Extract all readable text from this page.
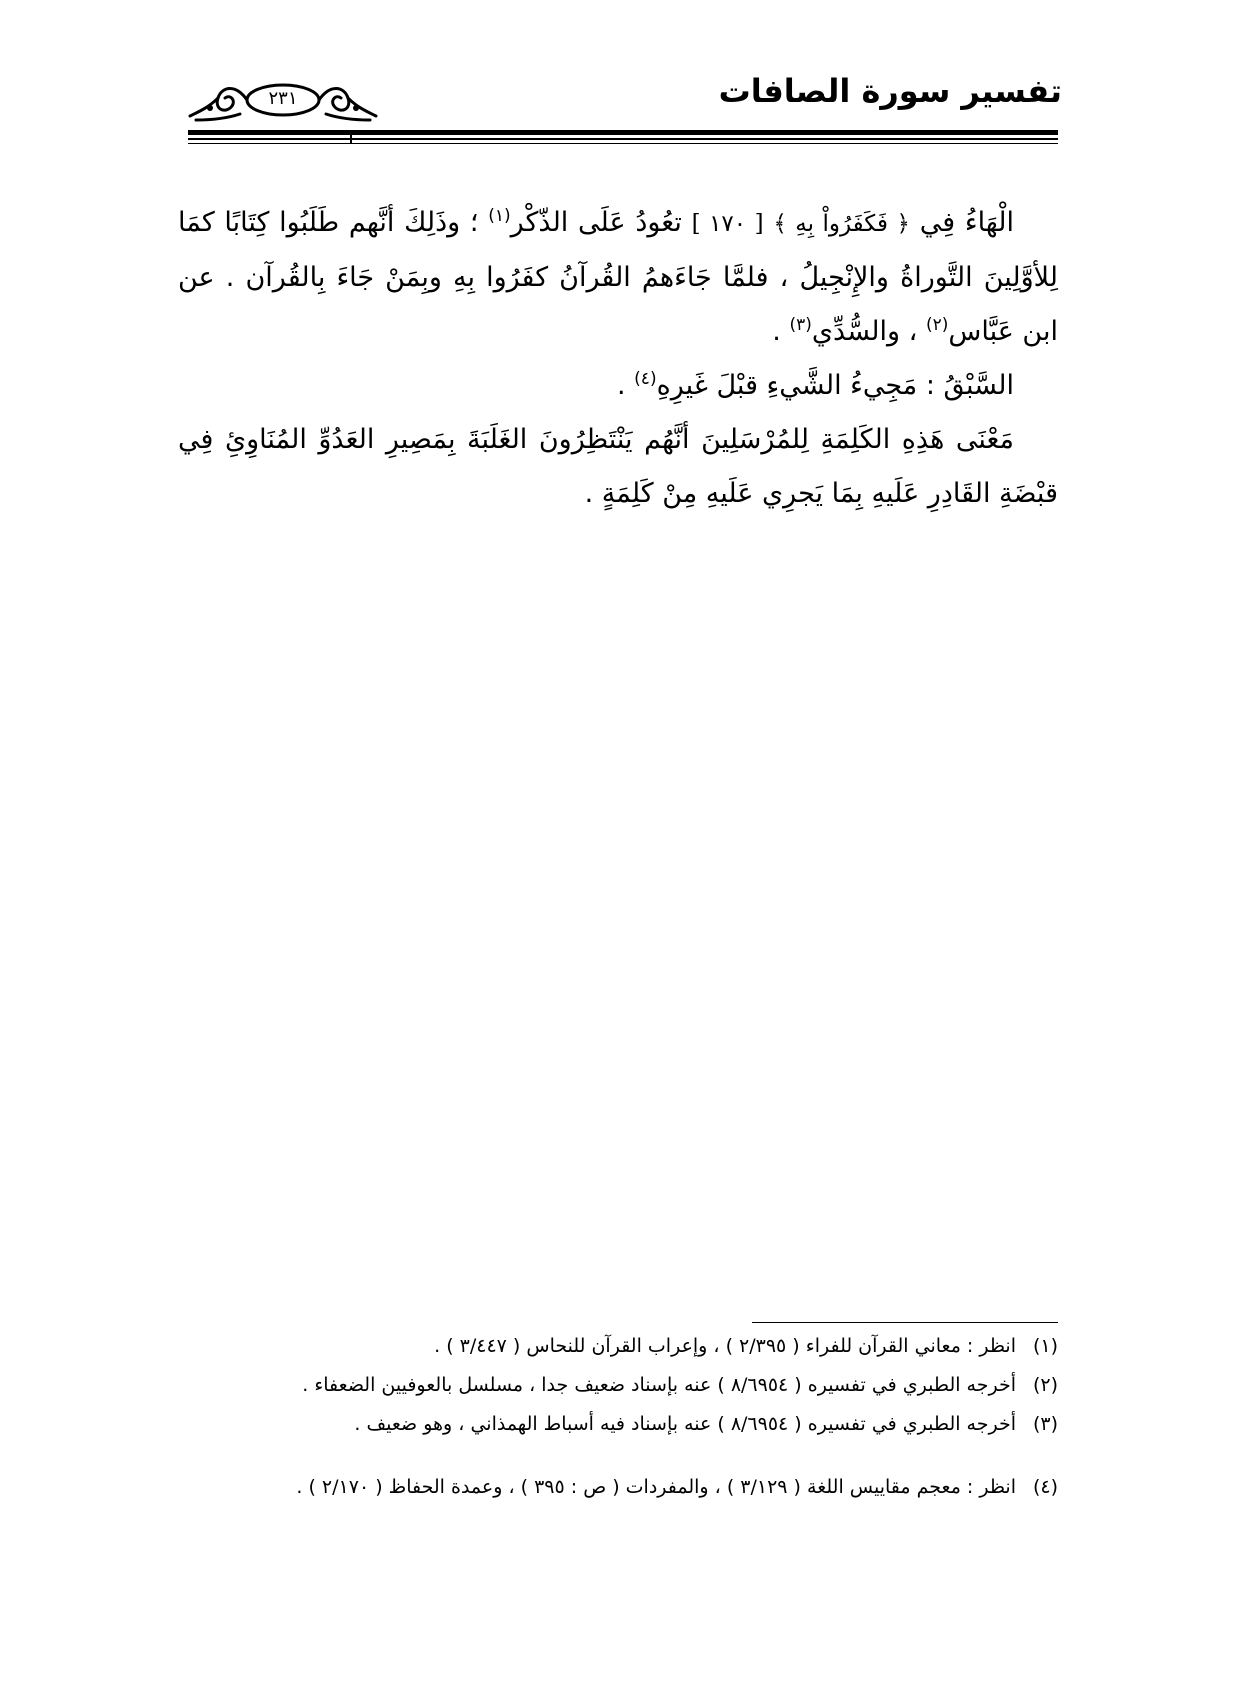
تفسير سورة الصافات
٢٣١

الْهَاءُ فِي ﴿ فَكَفَرُواْ بِهِ ﴾ [ ١٧٠ ] تعُودُ عَلَى الذّكْر$^{(١)}$ ؛ وذَلِكَ أنَّهم طَلَبُوا كِتَابًا كمَا لِلأوَّلِينَ التَّوراةُ والإِنْجِيلُ ، فلمَّا جَاءَهمُ القُرآنُ كفَرُوا بِهِ وبِمَنْ جَاءَ بِالقُرآن . عن ابن عَبَّاس$^{(٢)}$ ، والسُّدِّي$^{(٣)}$ .

السَّبْقُ : مَجِيءُ الشَّيءِ قبْلَ غَيرِهِ$^{(٤)}$ .

مَعْنَى هَذِهِ الكَلِمَةِ لِلمُرْسَلِينَ أنَّهُم يَنْتَظِرُونَ الغَلَبَةَ بِمَصِيرِ العَدُوِّ المُنَاوِئِ فِي قبْضَةِ القَادِرِ عَلَيهِ بِمَا يَجرِي عَلَيهِ مِنْ كَلِمَةٍ .

(١)
انظر : معاني القرآن للفراء ( ٢/٣٩٥ ) ، وإعراب القرآن للنحاس ( ٣/٤٤٧ ) .
(٢)
أخرجه الطبري في تفسيره ( ٨/٦٩٥٤ ) عنه بإسناد ضعيف جدا ، مسلسل بالعوفيين الضعفاء .
(٣)
أخرجه الطبري في تفسيره ( ٨/٦٩٥٤ ) عنه بإسناد فيه أسباط الهمذاني ، وهو ضعيف .
(٤)
انظر : معجم مقاييس اللغة ( ٣/١٢٩ ) ، والمفردات ( ص : ٣٩٥ ) ، وعمدة الحفاظ ( ٢/١٧٠ ) .
